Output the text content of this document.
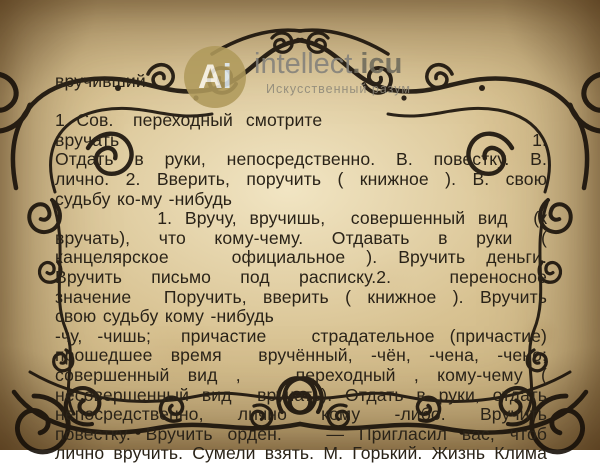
Ai intellect.icu
Искусственный разум
вручивший
1. Сов.   переходный  смотрите
вручать	1.
Отдать в руки, непосредственно. В. повестку. В.
лично. 2. Вверить, поручить ( книжное ). В. свою
судьбу ко-му -нибудь
1. Вручу, вручишь,  совершенный вид  (к
вручать), что кому-чему. Отдавать в руки (
канцелярское   официальное ). Вручить деньги.
Вручить письмо под расписку.2.  переносное
значение  Поручить, вверить ( книжное ). Вручить
свою судьбу кому -нибудь
-чу, -чишь;  причастие   страдательное (причастие)
прошедшее время  вручённый, -чён, -чена, -чено;
совершенный вид ,   переходный , кому-чему (
несовершенный вид  вручать). Отдать в руки, отдать
непосредственно, лично кому -либо. Вручить
повестку. Вручить орден.   — Пригласил вас, чтоб
лично вручить. Сумели взять. М. Горький. Жизнь Клима
